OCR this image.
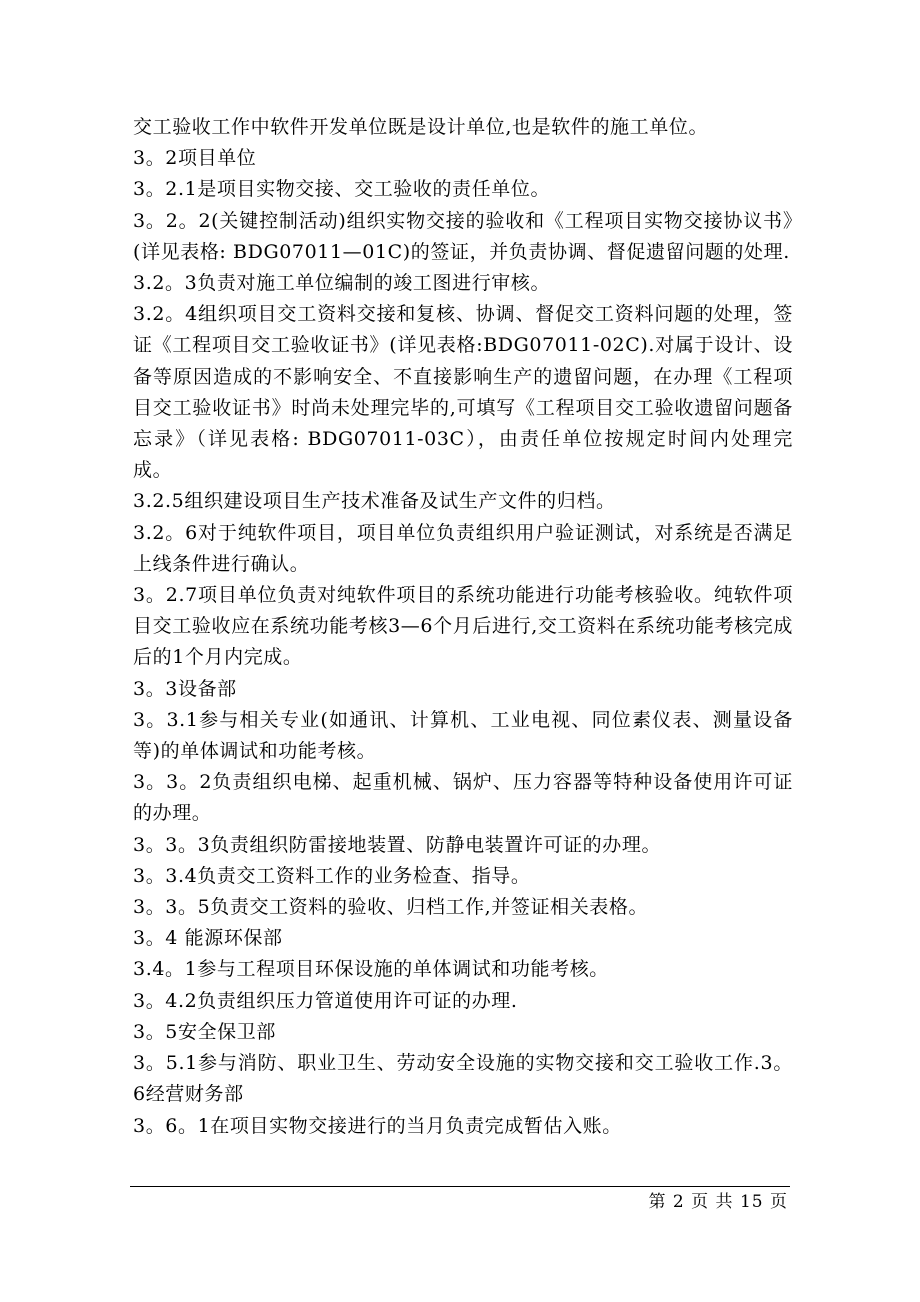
交工验收工作中软件开发单位既是设计单位,也是软件的施工单位。

3。2项目单位

3。2.1是项目实物交接、交工验收的责任单位。

3。2。2(关键控制活动)组织实物交接的验收和《工程项目实物交接协议书》(详见表格: BDG07011—01C)的签证，并负责协调、督促遗留问题的处理.

3.2。3负责对施工单位编制的竣工图进行审核。

3.2。4组织项目交工资料交接和复核、协调、督促交工资料问题的处理，签证《工程项目交工验收证书》(详见表格:BDG07011-02C).对属于设计、设备等原因造成的不影响安全、不直接影响生产的遗留问题，在办理《工程项目交工验收证书》时尚未处理完毕的,可填写《工程项目交工验收遗留问题备忘录》（详见表格: BDG07011-03C），由责任单位按规定时间内处理完成。

3.2.5组织建设项目生产技术准备及试生产文件的归档。

3.2。6对于纯软件项目，项目单位负责组织用户验证测试，对系统是否满足上线条件进行确认。

3。2.7项目单位负责对纯软件项目的系统功能进行功能考核验收。纯软件项目交工验收应在系统功能考核3—6个月后进行,交工资料在系统功能考核完成后的1个月内完成。

3。3设备部

3。3.1参与相关专业(如通讯、计算机、工业电视、同位素仪表、测量设备等)的单体调试和功能考核。

3。3。2负责组织电梯、起重机械、锅炉、压力容器等特种设备使用许可证的办理。

3。3。3负责组织防雷接地装置、防静电装置许可证的办理。

3。3.4负责交工资料工作的业务检查、指导。

3。3。5负责交工资料的验收、归档工作,并签证相关表格。

3。4 能源环保部

3.4。1参与工程项目环保设施的单体调试和功能考核。

3。4.2负责组织压力管道使用许可证的办理.

3。5安全保卫部

3。5.1参与消防、职业卫生、劳动安全设施的实物交接和交工验收工作.3。6经营财务部

3。6。1在项目实物交接进行的当月负责完成暂估入账。

第 2 页 共 15 页
